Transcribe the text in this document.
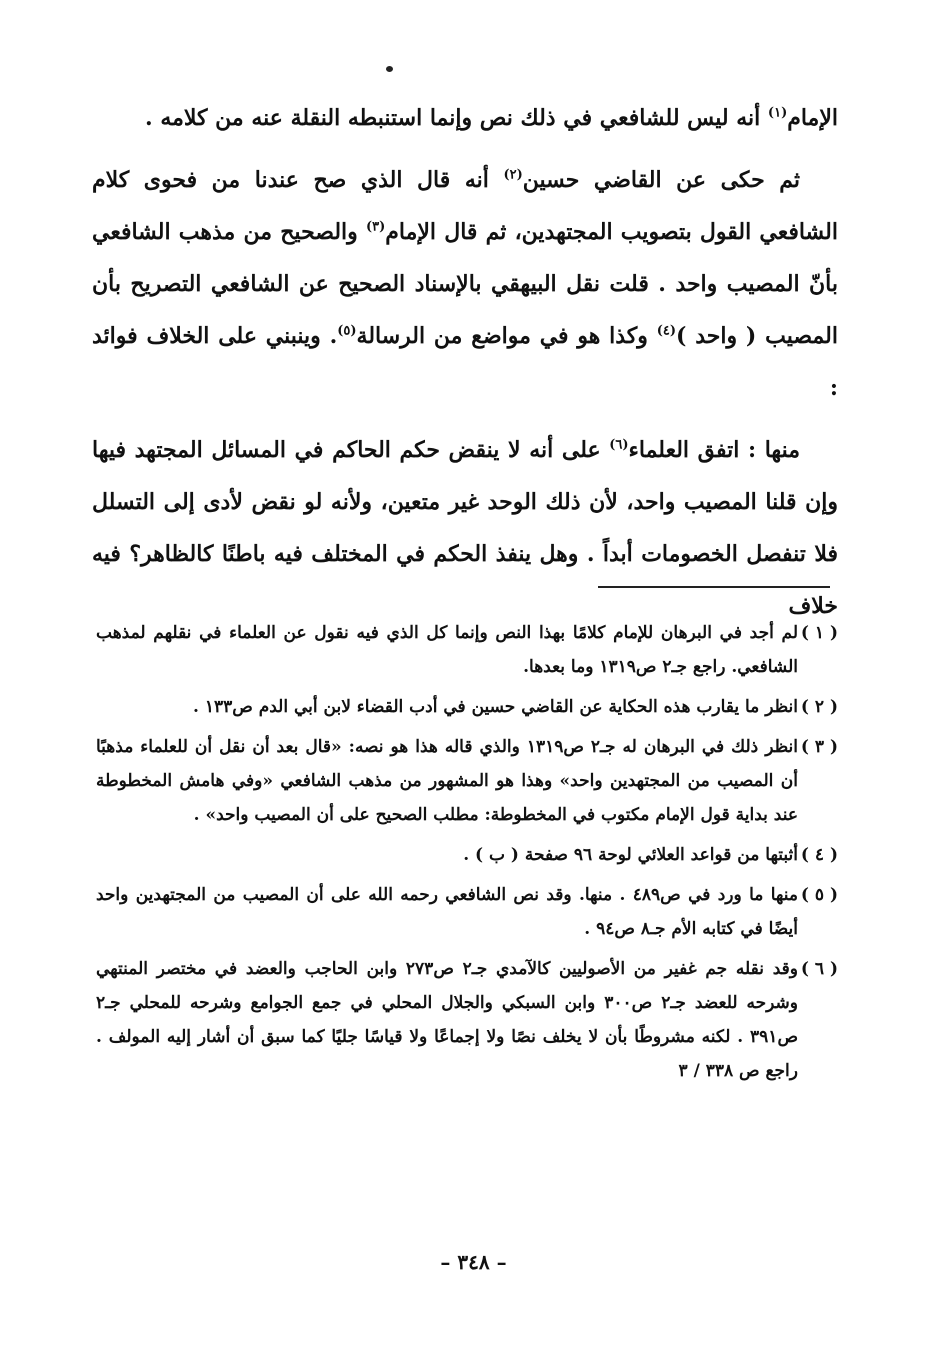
الإمام$^{(١)}$ أنه ليس للشافعي في ذلك نص وإنما استنبطه النقلة عنه من كلامه .

ثم حكى عن القاضي حسين$^{(٢)}$ أنه قال الذي صح عندنا من فحوى كلام الشافعي القول بتصويب المجتهدين، ثم قال الإمام$^{(٣)}$ والصحيح من مذهب الشافعي بأنّ المصيب واحد . قلت نقل البيهقي بالإسناد الصحيح عن الشافعي التصريح بأن المصيب ( واحد )$^{(٤)}$ وكذا هو في مواضع من الرسالة$^{(٥)}$. وينبني على الخلاف فوائد :

منها : اتفق العلماء$^{(٦)}$ على أنه لا ينقض حكم الحاكم في المسائل المجتهد فيها وإن قلنا المصيب واحد، لأن ذلك الوحد غير متعين، ولأنه لو نقض لأدى إلى التسلل فلا تنفصل الخصومات أبداً . وهل ينفذ الحكم في المختلف فيه باطنًا كالظاهر؟ فيه خلاف

( ١ )
لم أجد في البرهان للإمام كلامًا بهذا النص وإنما كل الذي فيه نقول عن العلماء في نقلهم لمذهب الشافعي. راجع جـ٢ ص١٣١٩ وما بعدها.

( ٢ )
انظر ما يقارب هذه الحكاية عن القاضي حسين في أدب القضاء لابن أبي الدم ص١٣٣ .

( ٣ )
انظر ذلك في البرهان له جـ٢ ص١٣١٩ والذي قاله هذا هو نصه: «قال بعد أن نقل أن للعلماء مذهبًا أن المصيب من المجتهدين واحد» وهذا هو المشهور من مذهب الشافعي «وفي هامش المخطوطة عند بداية قول الإمام مكتوب في المخطوطة: مطلب الصحيح على أن المصيب واحد» .

( ٤ )
أثبتها من قواعد العلائي لوحة ٩٦ صفحة ( ب ) .

( ٥ )
منها ما ورد في ص٤٨٩ . منها. وقد نص الشافعي رحمه الله على أن المصيب من المجتهدين واحد أيضًا في كتابه الأم جـ٨ ص٩٤ .

( ٦ )
وقد نقله جم غفير من الأصوليين كالآمدي جـ٢ ص٢٧٣ وابن الحاجب والعضد في مختصر المنتهي وشرحه للعضد جـ٢ ص٣٠٠ وابن السبكي والجلال المحلي في جمع الجوامع وشرحه للمحلي جـ٢ ص٣٩١ . لكنه مشروطًا بأن لا يخلف نصًا ولا إجماعًا ولا قياسًا جليًا كما سبق أن أشار إليه المولف . راجع ص ٣٣٨ / ٣

– ٣٤٨ –
